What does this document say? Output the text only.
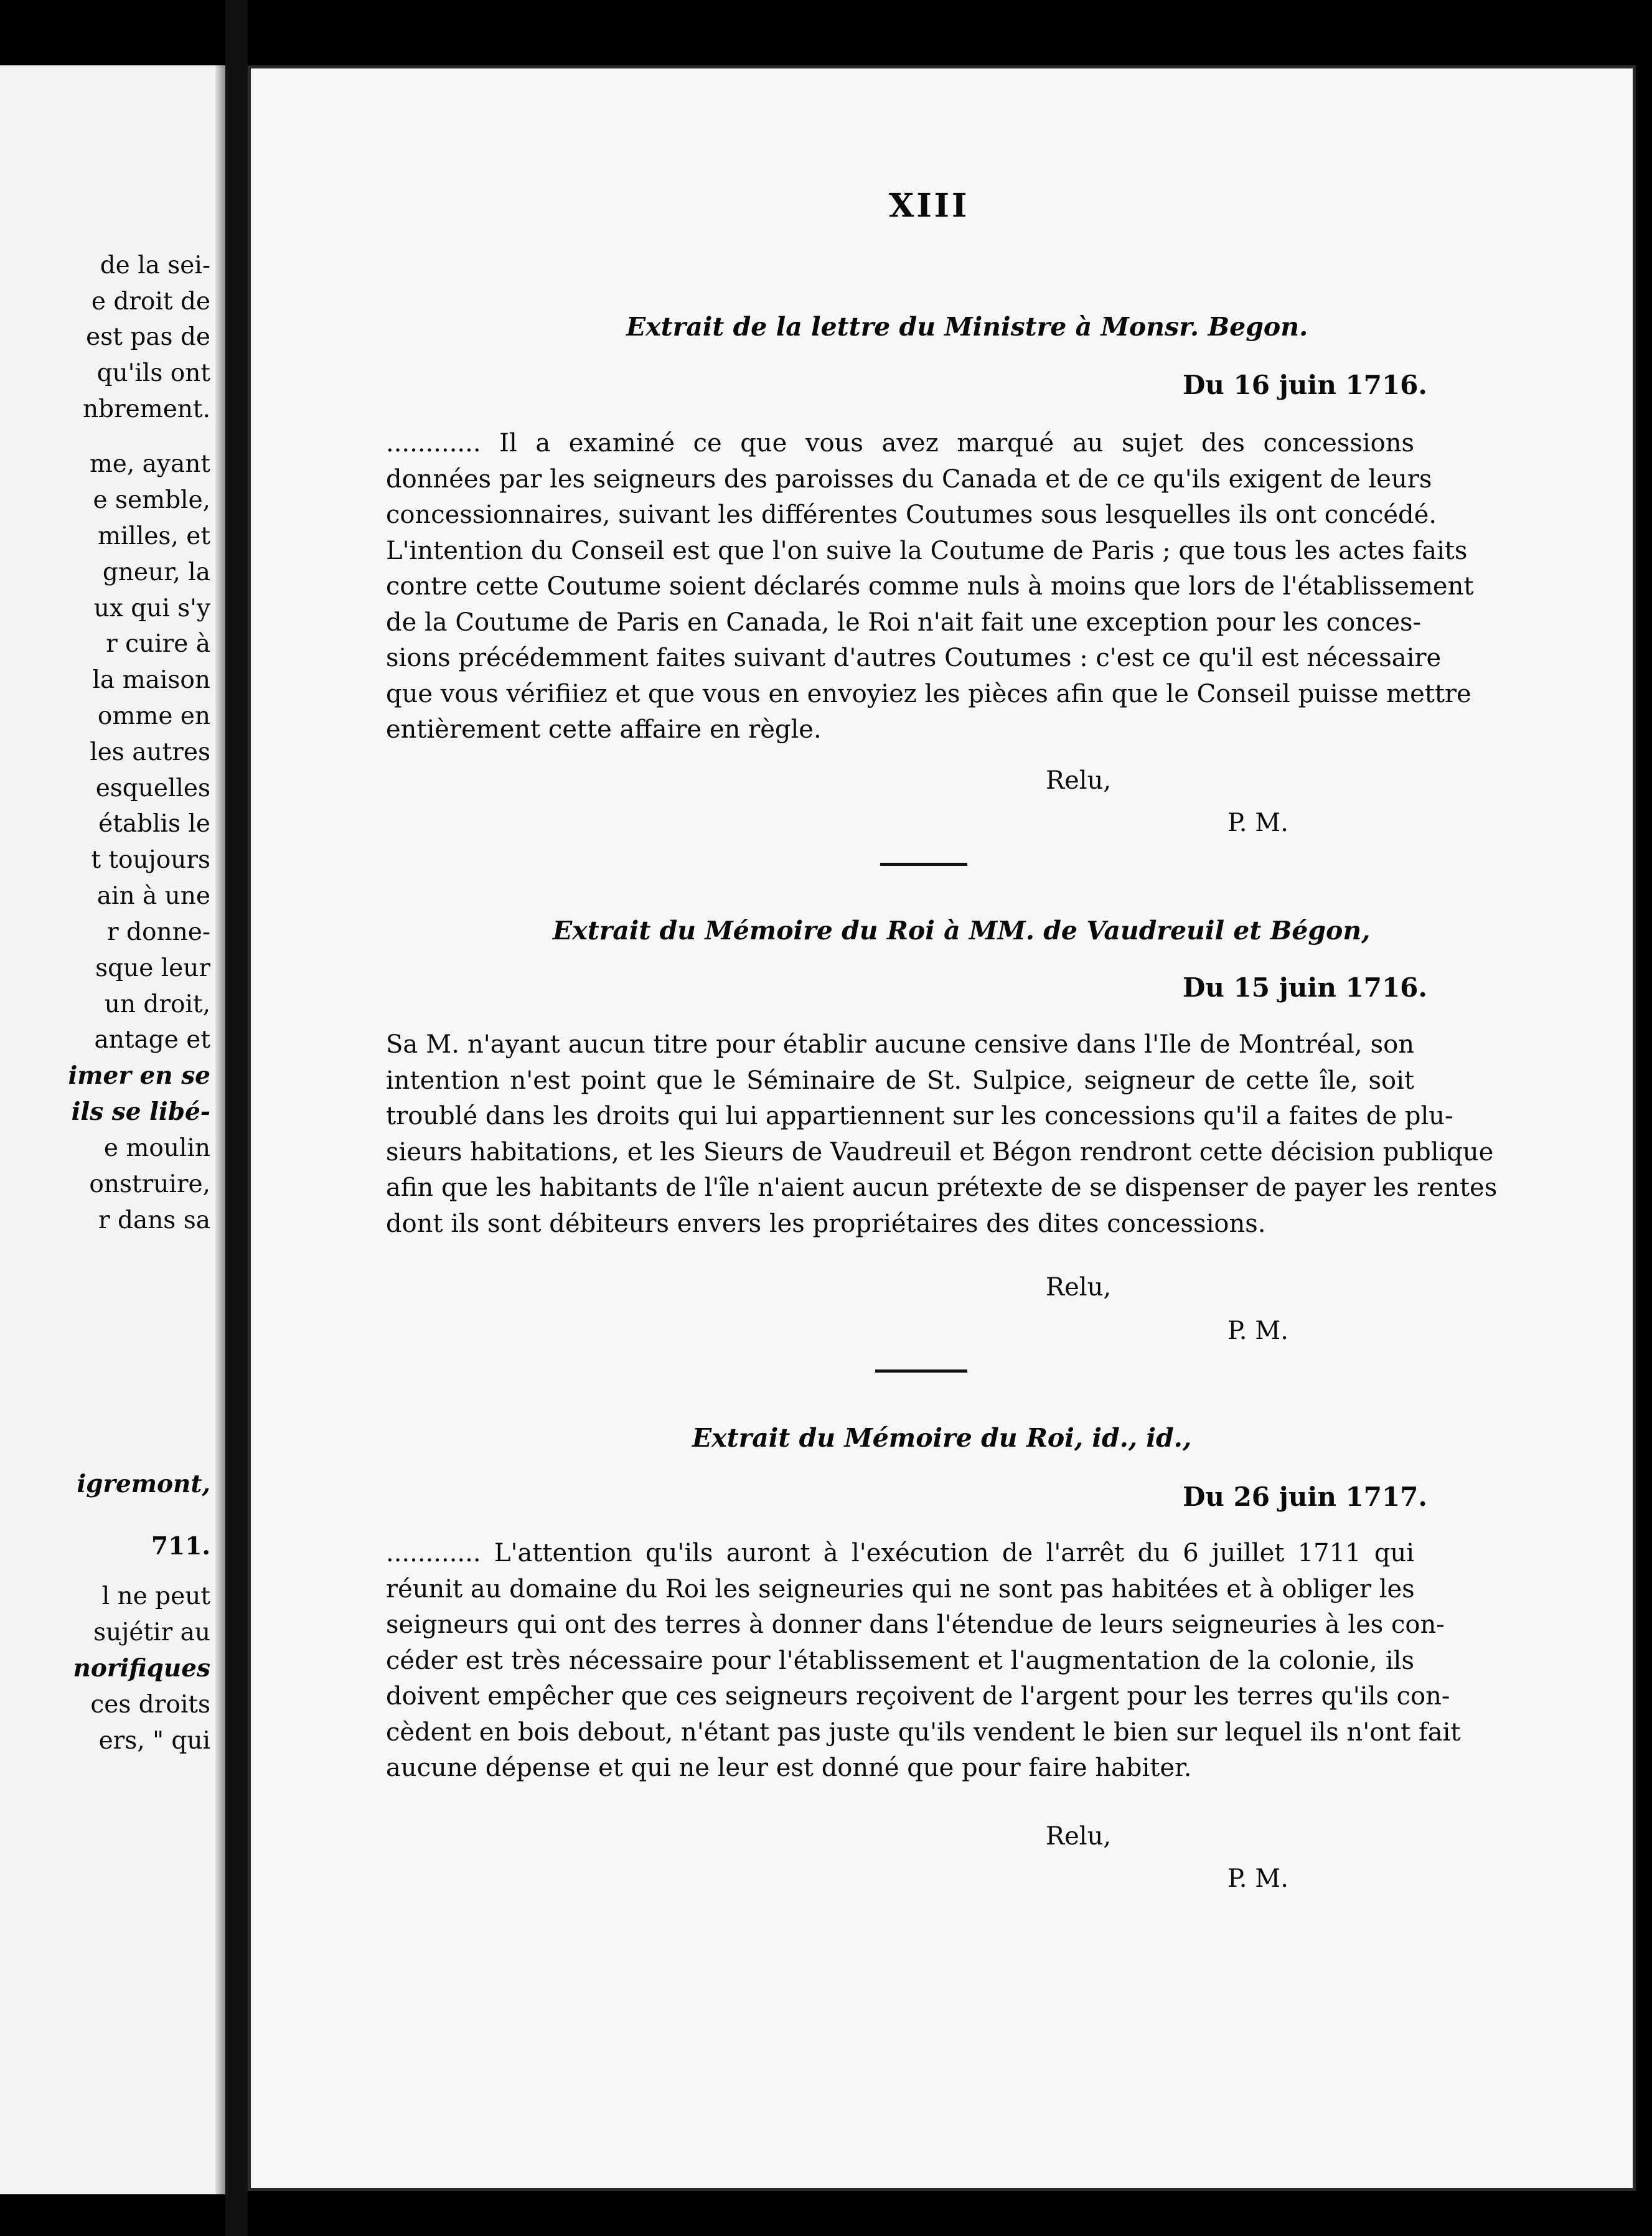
de la sei-
e droit de
est pas de
qu'ils ont
nbrement.
me, ayant
e semble,
milles, et
gneur, la
ux qui s'y
r cuire à
la maison
omme en
les autres
esquelles
établis le
t toujours
ain à une
r donne-
sque leur
un droit,
antage et
imer en se
ils se libé-
e moulin
onstruire,
r dans sa
igremont,
711.
l ne peut
sujétir au
norifiques
ces droits
ers, " qui
XIII
Extrait de la lettre du Ministre à Monsr. Begon.
Du 16 juin 1716.
............ Il a examiné ce que vous avez marqué au sujet des concessions
données par les seigneurs des paroisses du Canada et de ce qu'ils exigent de leurs
concessionnaires, suivant les différentes Coutumes sous lesquelles ils ont concédé.
L'intention du Conseil est que l'on suive la Coutume de Paris ; que tous les actes faits
contre cette Coutume soient déclarés comme nuls à moins que lors de l'établissement
de la Coutume de Paris en Canada, le Roi n'ait fait une exception pour les conces-
sions précédemment faites suivant d'autres Coutumes : c'est ce qu'il est nécessaire
que vous vérifiiez et que vous en envoyiez les pièces afin que le Conseil puisse mettre
entièrement cette affaire en règle.
Relu,
P. M.
Extrait du Mémoire du Roi à MM. de Vaudreuil et Bégon,
Du 15 juin 1716.
Sa M. n'ayant aucun titre pour établir aucune censive dans l'Ile de Montréal, son
intention n'est point que le Séminaire de St. Sulpice, seigneur de cette île, soit
troublé dans les droits qui lui appartiennent sur les concessions qu'il a faites de plu-
sieurs habitations, et les Sieurs de Vaudreuil et Bégon rendront cette décision publique
afin que les habitants de l'île n'aient aucun prétexte de se dispenser de payer les rentes
dont ils sont débiteurs envers les propriétaires des dites concessions.
Relu,
P. M.
Extrait du Mémoire du Roi, id., id.,
Du 26 juin 1717.
............ L'attention qu'ils auront à l'exécution de l'arrêt du 6 juillet 1711 qui
réunit au domaine du Roi les seigneuries qui ne sont pas habitées et à obliger les
seigneurs qui ont des terres à donner dans l'étendue de leurs seigneuries à les con-
céder est très nécessaire pour l'établissement et l'augmentation de la colonie, ils
doivent empêcher que ces seigneurs reçoivent de l'argent pour les terres qu'ils con-
cèdent en bois debout, n'étant pas juste qu'ils vendent le bien sur lequel ils n'ont fait
aucune dépense et qui ne leur est donné que pour faire habiter.
Relu,
P. M.
